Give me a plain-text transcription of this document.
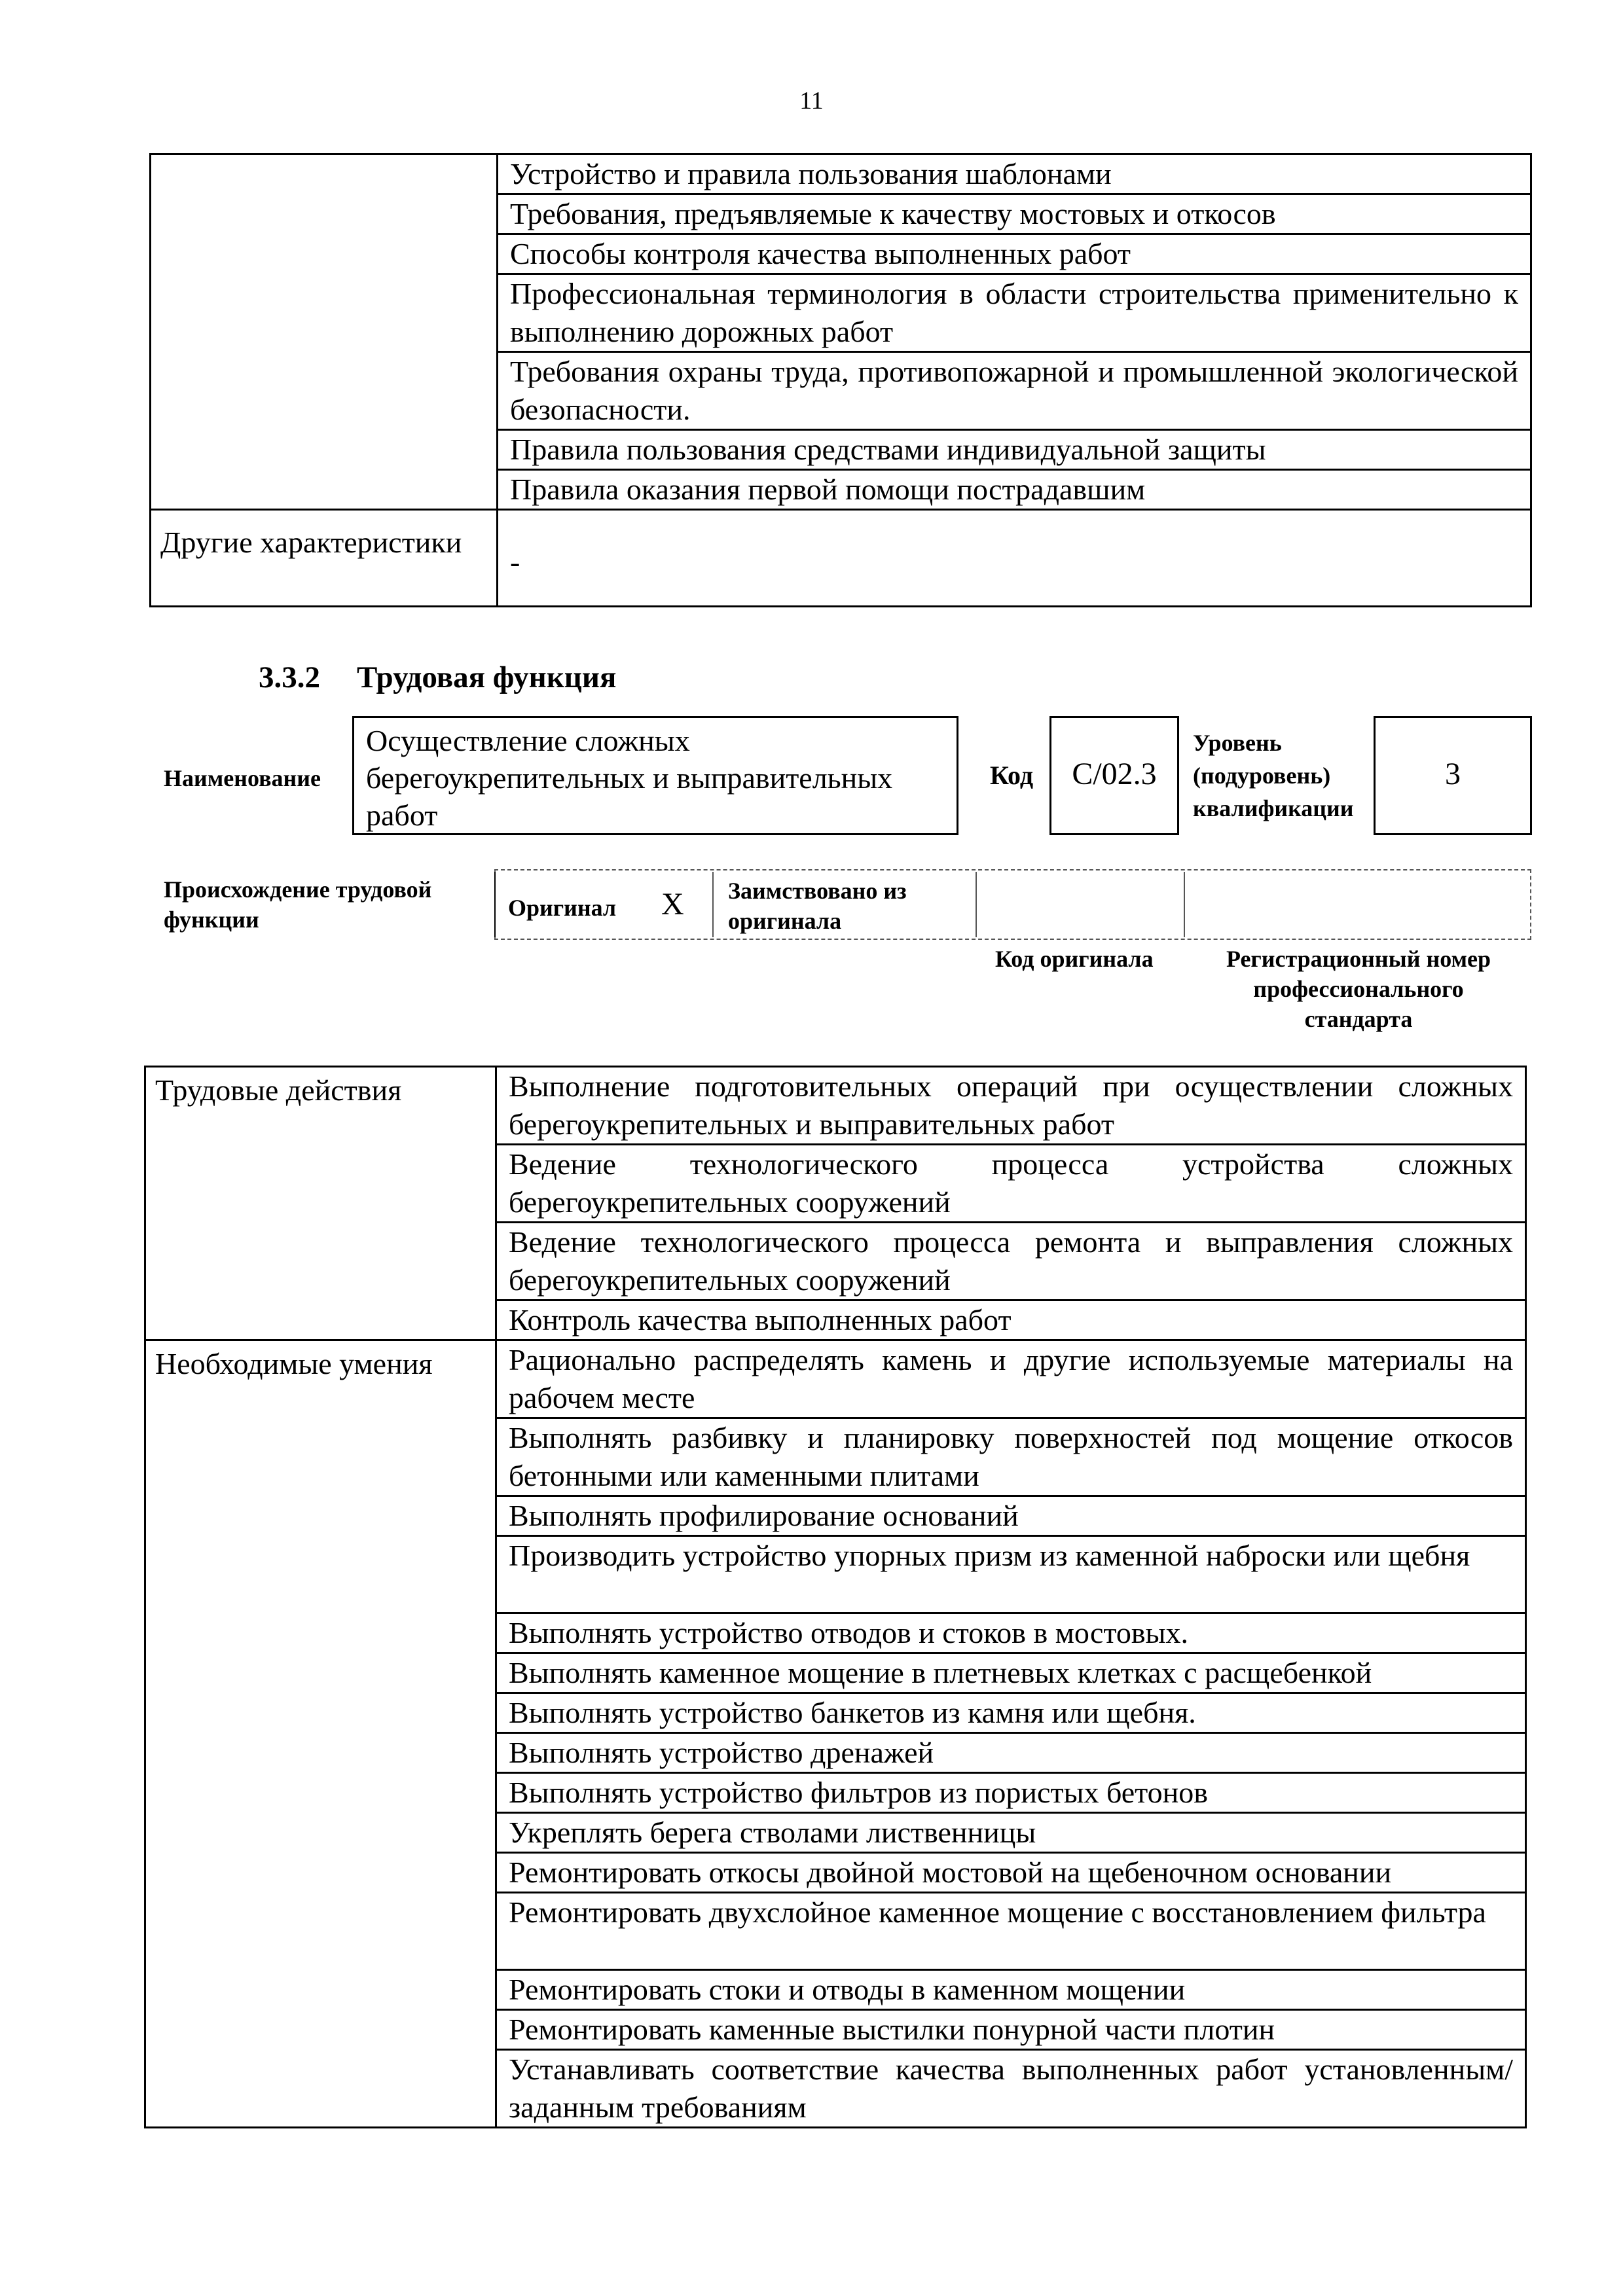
11
	Устройство и правила пользования шаблонами
	Требования, предъявляемые к качеству мостовых и откосов
	Способы контроля качества выполненных работ
	Профессиональная терминология в области строительства применительно к выполнению дорожных работ
	Требования охраны труда, противопожарной и промышленной экологической безопасности.
	Правила пользования средствами индивидуальной защиты
	Правила оказания первой помощи пострадавшим
Другие характеристики	-
3.3.2 Трудовая функция
Наименование
Осуществление сложных берегоукрепительных и выправительных работ
Код	С/02.3
Уровень (подуровень) квалификации
3
Происхождение трудовой функции	Оригинал Х Заимствовано из оригинала
Код оригинала	Регистрационный номер профессионального стандарта
Трудовые действия	Выполнение подготовительных операций при осуществлении сложных берегоукрепительных и выправительных работ
	Ведение технологического процесса устройства сложных берегоукрепительных сооружений
	Ведение технологического процесса ремонта и выправления сложных берегоукрепительных сооружений
	Контроль качества выполненных работ
Необходимые умения	Рационально распределять камень и другие используемые материалы на рабочем месте
	Выполнять разбивку и планировку поверхностей под мощение откосов бетонными или каменными плитами
	Выполнять профилирование оснований
	Производить устройство упорных призм из каменной наброски или щебня
	Выполнять устройство отводов и стоков в мостовых.
	Выполнять каменное мощение в плетневых клетках с расщебенкой
	Выполнять устройство банкетов из камня или щебня.
	Выполнять устройство дренажей
	Выполнять устройство фильтров из пористых бетонов
	Укреплять берега стволами лиственницы
	Ремонтировать откосы двойной мостовой на щебеночном основании
	Ремонтировать двухслойное каменное мощение с восстановлением фильтра
	Ремонтировать стоки и отводы в каменном мощении
	Ремонтировать каменные выстилки понурной части плотин
	Устанавливать соответствие качества выполненных работ установленным/ заданным требованиям
